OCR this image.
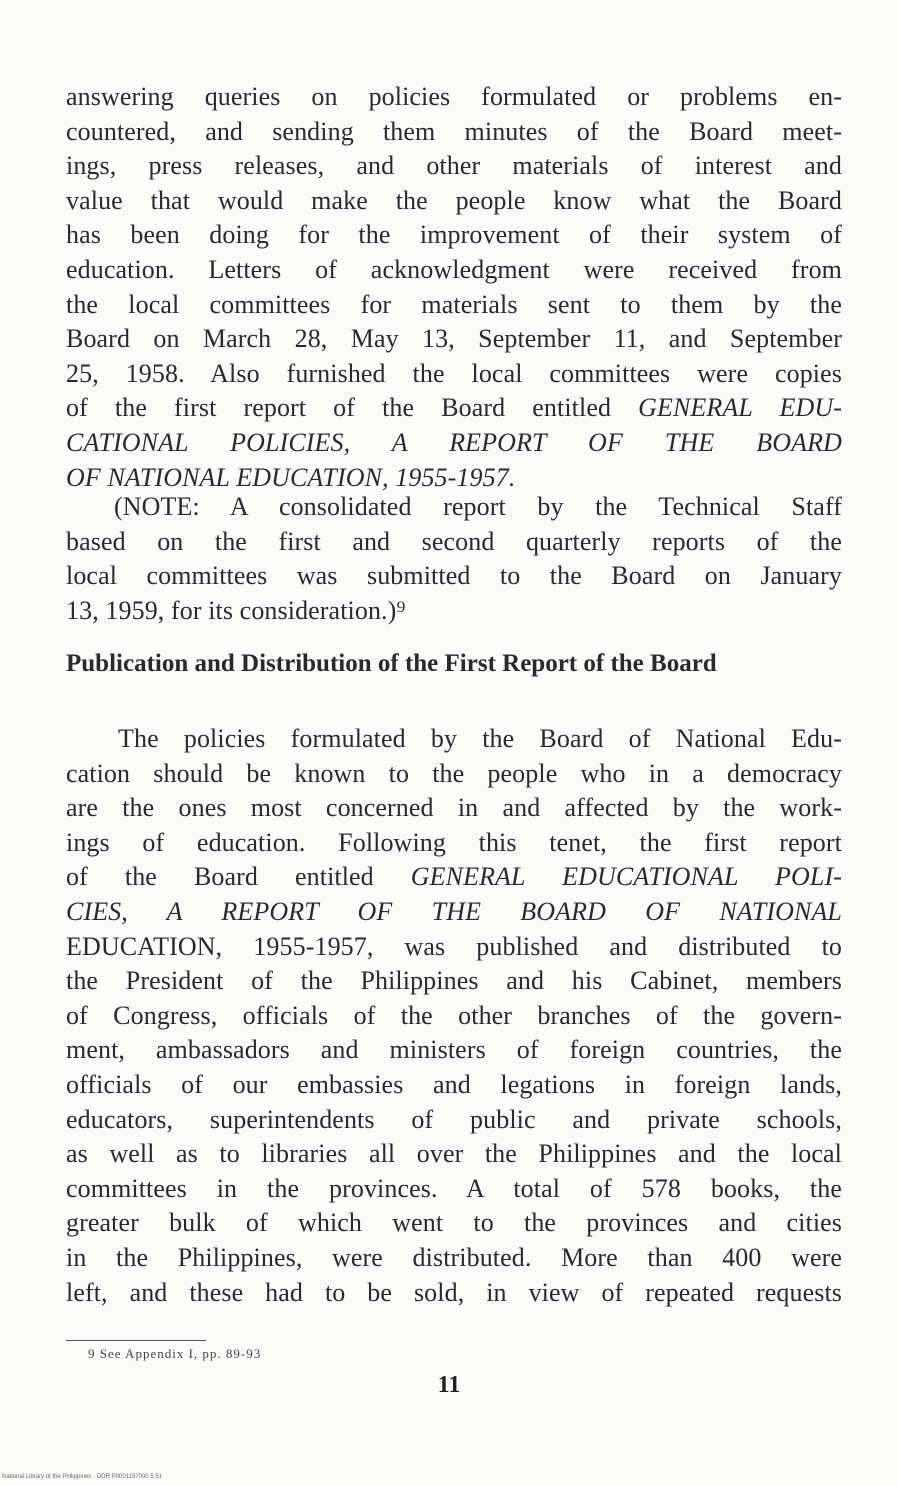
answering queries on policies formulated or problems en-
countered, and sending them minutes of the Board meet-
ings, press releases, and other materials of interest and
value that would make the people know what the Board
has been doing for the improvement of their system of
education. Letters of acknowledgment were received from
the local committees for materials sent to them by the
Board on March 28, May 13, September 11, and September
25, 1958. Also furnished the local committees were copies
of the first report of the Board entitled GENERAL EDU-
CATIONAL POLICIES, A REPORT OF THE BOARD
OF NATIONAL EDUCATION, 1955-1957.
(NOTE: A consolidated report by the Technical Staff
based on the first and second quarterly reports of the
local committees was submitted to the Board on January
13, 1959, for its consideration.)⁹
Publication and Distribution of the First Report of the Board
The policies formulated by the Board of National Edu-
cation should be known to the people who in a democracy
are the ones most concerned in and affected by the work-
ings of education. Following this tenet, the first report
of the Board entitled GENERAL EDUCATIONAL POLI-
CIES, A REPORT OF THE BOARD OF NATIONAL
EDUCATION, 1955-1957, was published and distributed to
the President of the Philippines and his Cabinet, members
of Congress, officials of the other branches of the govern-
ment, ambassadors and ministers of foreign countries, the
officials of our embassies and legations in foreign lands,
educators, superintendents of public and private schools,
as well as to libraries all over the Philippines and the local
committees in the provinces. A total of 578 books, the
greater bulk of which went to the provinces and cities
in the Philippines, were distributed. More than 400 were
left, and these had to be sold, in view of repeated requests
9 See Appendix I, pp. 89-93
11
National Library of the Philippines · DOR P0001197000 5.51
